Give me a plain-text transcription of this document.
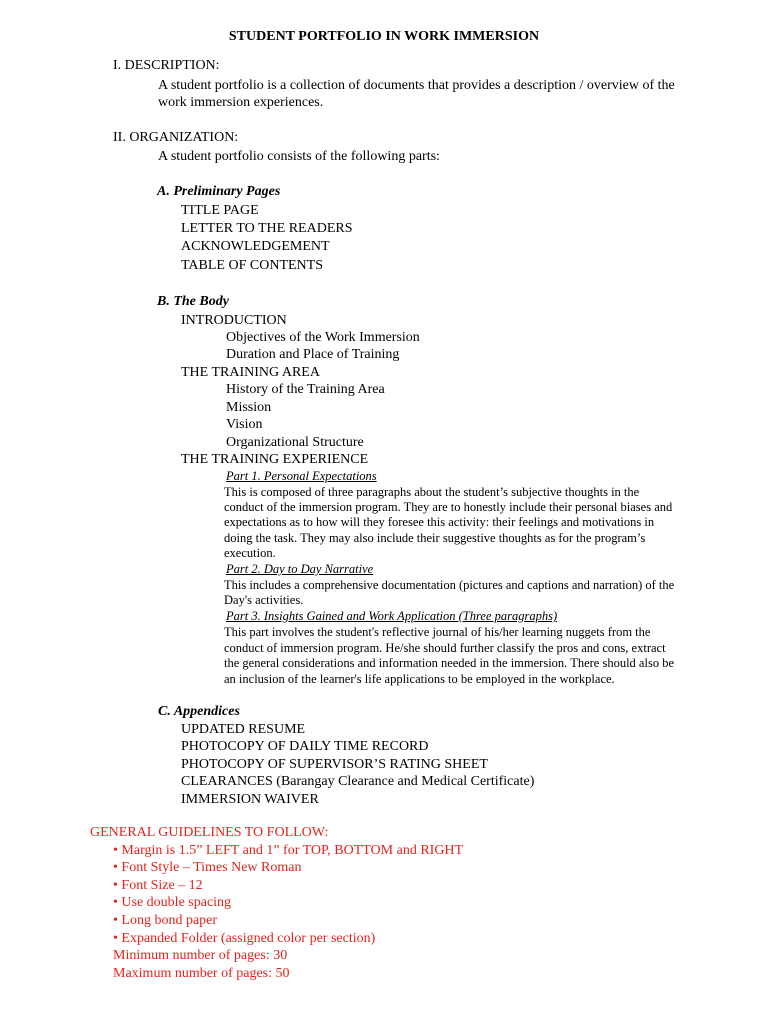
STUDENT PORTFOLIO IN WORK IMMERSION
I. DESCRIPTION:
A student portfolio is a collection of documents that provides a description / overview of the
work immersion experiences.
II. ORGANIZATION:
A student portfolio consists of the following parts:
A. Preliminary Pages
TITLE PAGE
LETTER TO THE READERS
ACKNOWLEDGEMENT
TABLE OF CONTENTS
B. The Body
INTRODUCTION
Objectives of the Work Immersion
Duration and Place of Training
THE TRAINING AREA
History of the Training Area
Mission
Vision
Organizational Structure
THE TRAINING EXPERIENCE
Part 1. Personal Expectations
This is composed of three paragraphs about the student’s subjective thoughts in the
conduct of the immersion program. They are to honestly include their personal biases and
expectations as to how will they foresee this activity: their feelings and motivations in
doing the task. They may also include their suggestive thoughts as for the program’s
execution.
Part 2. Day to Day Narrative
This includes a comprehensive documentation (pictures and captions and narration) of the
Day's activities.
Part 3. Insights Gained and Work Application (Three paragraphs)
This part involves the student's reflective journal of his/her learning nuggets from the
conduct of immersion program. He/she should further classify the pros and cons, extract
the general considerations and information needed in the immersion. There should also be
an inclusion of the learner's life applications to be employed in the workplace.
C. Appendices
UPDATED RESUME
PHOTOCOPY OF DAILY TIME RECORD
PHOTOCOPY OF SUPERVISOR’S RATING SHEET
CLEARANCES (Barangay Clearance and Medical Certificate)
IMMERSION WAIVER
GENERAL GUIDELINES TO FOLLOW:
• Margin is 1.5” LEFT and 1” for TOP, BOTTOM and RIGHT
• Font Style – Times New Roman
• Font Size – 12
• Use double spacing
• Long bond paper
• Expanded Folder (assigned color per section)
Minimum number of pages: 30
Maximum number of pages: 50
